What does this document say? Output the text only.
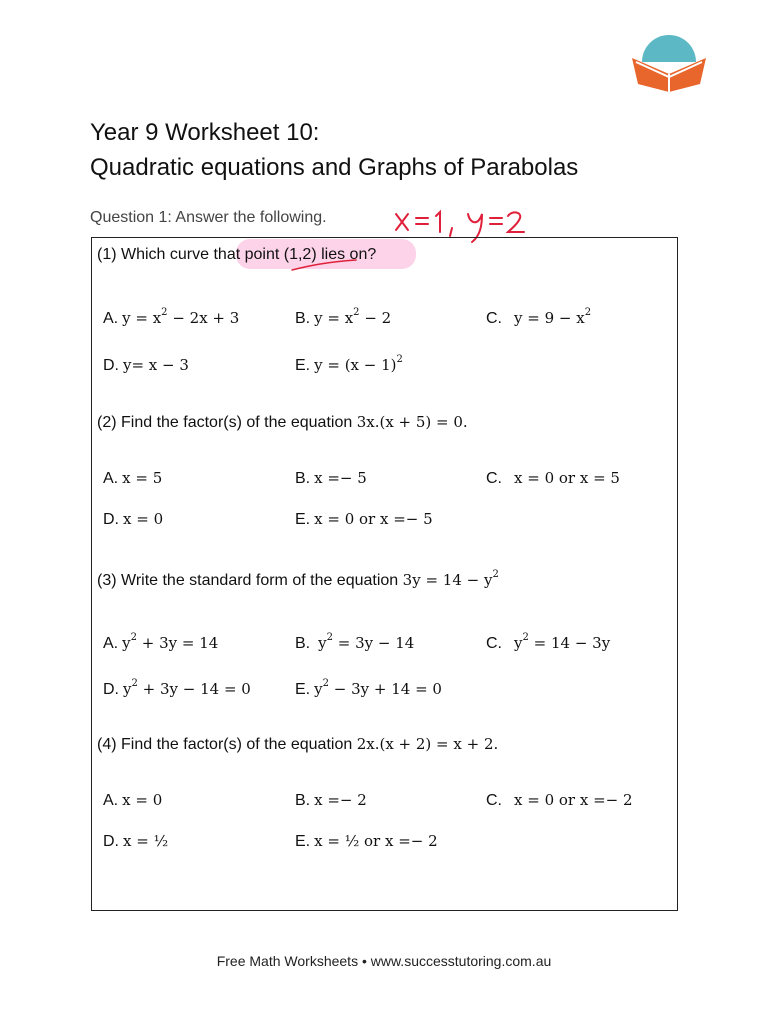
Year 9 Worksheet 10:
Quadratic equations and Graphs of Parabolas
Question 1: Answer the following.
(1) Which curve that point (1,2) lies on?
A. $y = x^2 - 2x + 3$	B. $y = x^2 - 2$	C. $y = 9 - x^2$
D. y= x − 3	E. $y = (x - 1)^2$
(2) Find the factor(s) of the equation 3x.(x + 5) = 0.
A. x = 5	B. x =− 5	C. x = 0 or x = 5
D. x = 0	E. x = 0 or x =− 5
(3) Write the standard form of the equation $3y = 14 - y^2$
A. $y^2 + 3y = 14$	B. $y^2 = 3y - 14$	C. $y^2 = 14 - 3y$
D. $y^2 + 3y - 14 = 0$	E. $y^2 - 3y + 14 = 0$
(4) Find the factor(s) of the equation 2x.(x + 2) = x + 2.
A. x = 0	B. x =− 2	C. x = 0 or x =− 2
D. x = ½	E. x = ½ or x =− 2
Free Math Worksheets • www.successtutoring.com.au
